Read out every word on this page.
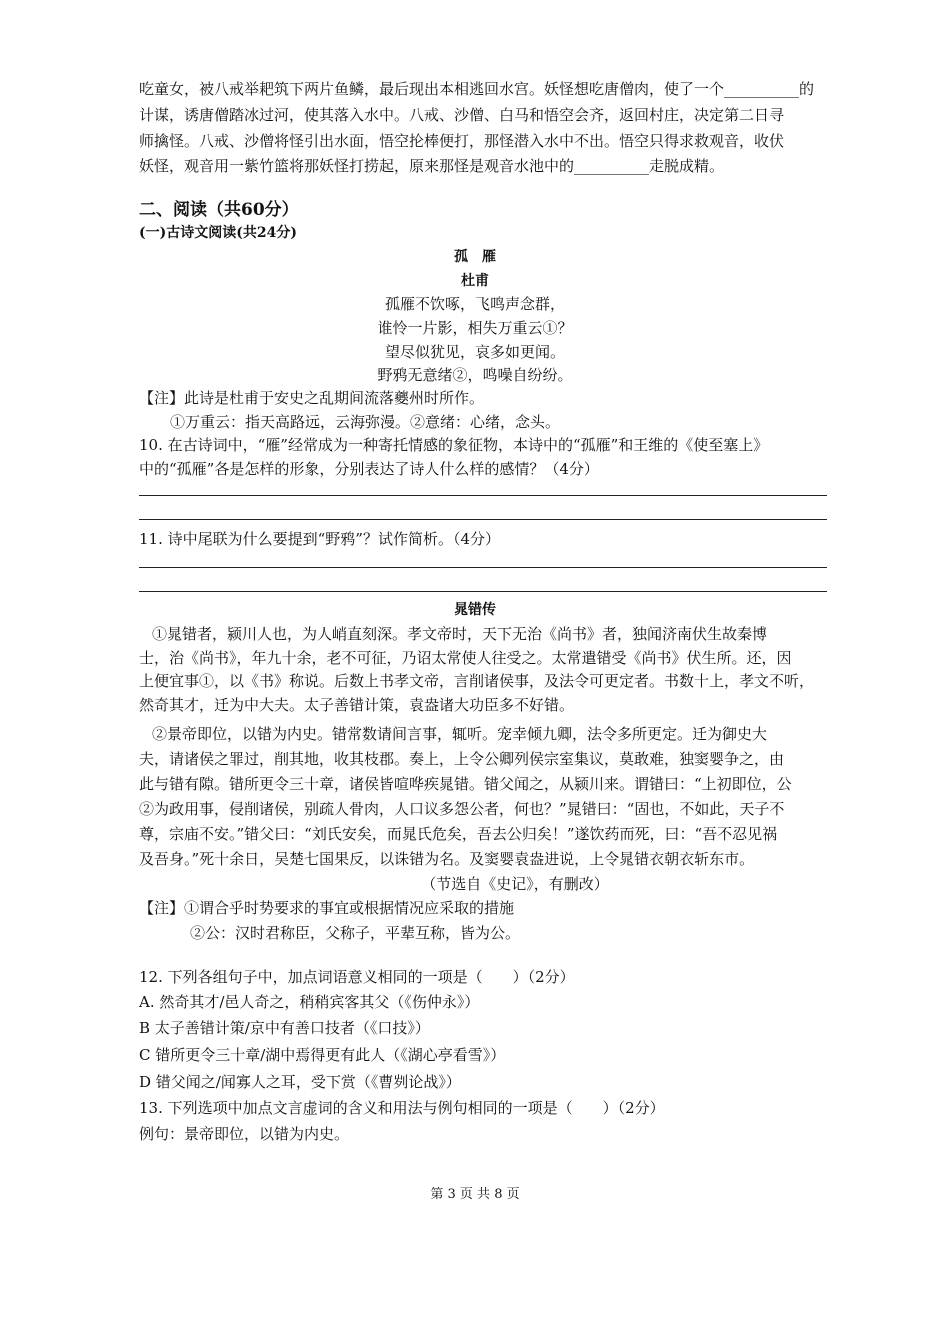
吃童女，被八戒举耙筑下两片鱼鳞，最后现出本相逃回水宫。妖怪想吃唐僧肉，使了一个__________的
计谋，诱唐僧踏冰过河，使其落入水中。八戒、沙僧、白马和悟空会齐，返回村庄，决定第二日寻
师擒怪。八戒、沙僧将怪引出水面，悟空抡棒便打，那怪潜入水中不出。悟空只得求救观音，收伏
妖怪，观音用一紫竹篮将那妖怪打捞起，原来那怪是观音水池中的__________走脱成精。
二、阅读（共60分）
(一)古诗文阅读(共24分)
孤　雁
杜甫
孤雁不饮啄，飞鸣声念群，
谁怜一片影，相失万重云①？
望尽似犹见，哀多如更闻。
野鸦无意绪②，鸣噪自纷纷。
【注】此诗是杜甫于安史之乱期间流落夔州时所作。
①万重云：指天高路远，云海弥漫。②意绪：心绪，念头。
10. 在古诗词中，“雁”经常成为一种寄托情感的象征物，本诗中的“孤雁”和王维的《使至塞上》
中的“孤雁”各是怎样的形象，分别表达了诗人什么样的感情？（4分）
11. 诗中尾联为什么要提到“野鸦”？试作简析。（4分）
晁错传
①晁错者，颍川人也，为人峭直刻深。孝文帝时，天下无治《尚书》者，独闻济南伏生故秦博
士，治《尚书》，年九十余，老不可征，乃诏太常使人往受之。太常遣错受《尚书》伏生所。还，因
上便宜事①，以《书》称说。后数上书孝文帝，言削诸侯事，及法令可更定者。书数十上，孝文不听，
然奇其才，迁为中大夫。太子善错计策，袁盎诸大功臣多不好错。
②景帝即位，以错为内史。错常数请间言事，辄听。宠幸倾九卿，法令多所更定。迁为御史大
夫，请诸侯之罪过，削其地，收其枝郡。奏上，上令公卿列侯宗室集议，莫敢难，独窦婴争之，由
此与错有隙。错所更令三十章，诸侯皆喧哗疾晁错。错父闻之，从颍川来。谓错曰：“上初即位，公
②为政用事，侵削诸侯，别疏人骨肉，人口议多怨公者，何也？”晁错曰：“固也，不如此，天子不
尊，宗庙不安。”错父曰：“刘氏安矣，而晁氏危矣，吾去公归矣！”遂饮药而死，曰：“吾不忍见祸
及吾身。”死十余日，吴楚七国果反，以诛错为名。及窦婴袁盎进说，上令晁错衣朝衣斩东市。
（节选自《史记》，有删改）
【注】①谓合乎时势要求的事宜或根据情况应采取的措施
②公：汉时君称臣，父称子，平辈互称，皆为公。
12. 下列各组句子中，加点词语意义相同的一项是（　　）（2分）
A. 然奇其才/邑人奇之，稍稍宾客其父（《伤仲永》）
B 太子善错计策/京中有善口技者（《口技》）
C 错所更令三十章/湖中焉得更有此人（《湖心亭看雪》）
D 错父闻之/闻寡人之耳，受下赏（《曹刿论战》）
13. 下列选项中加点文言虚词的含义和用法与例句相同的一项是（　　）（2分）
例句：景帝即位，以错为内史。
第 3 页 共 8 页
